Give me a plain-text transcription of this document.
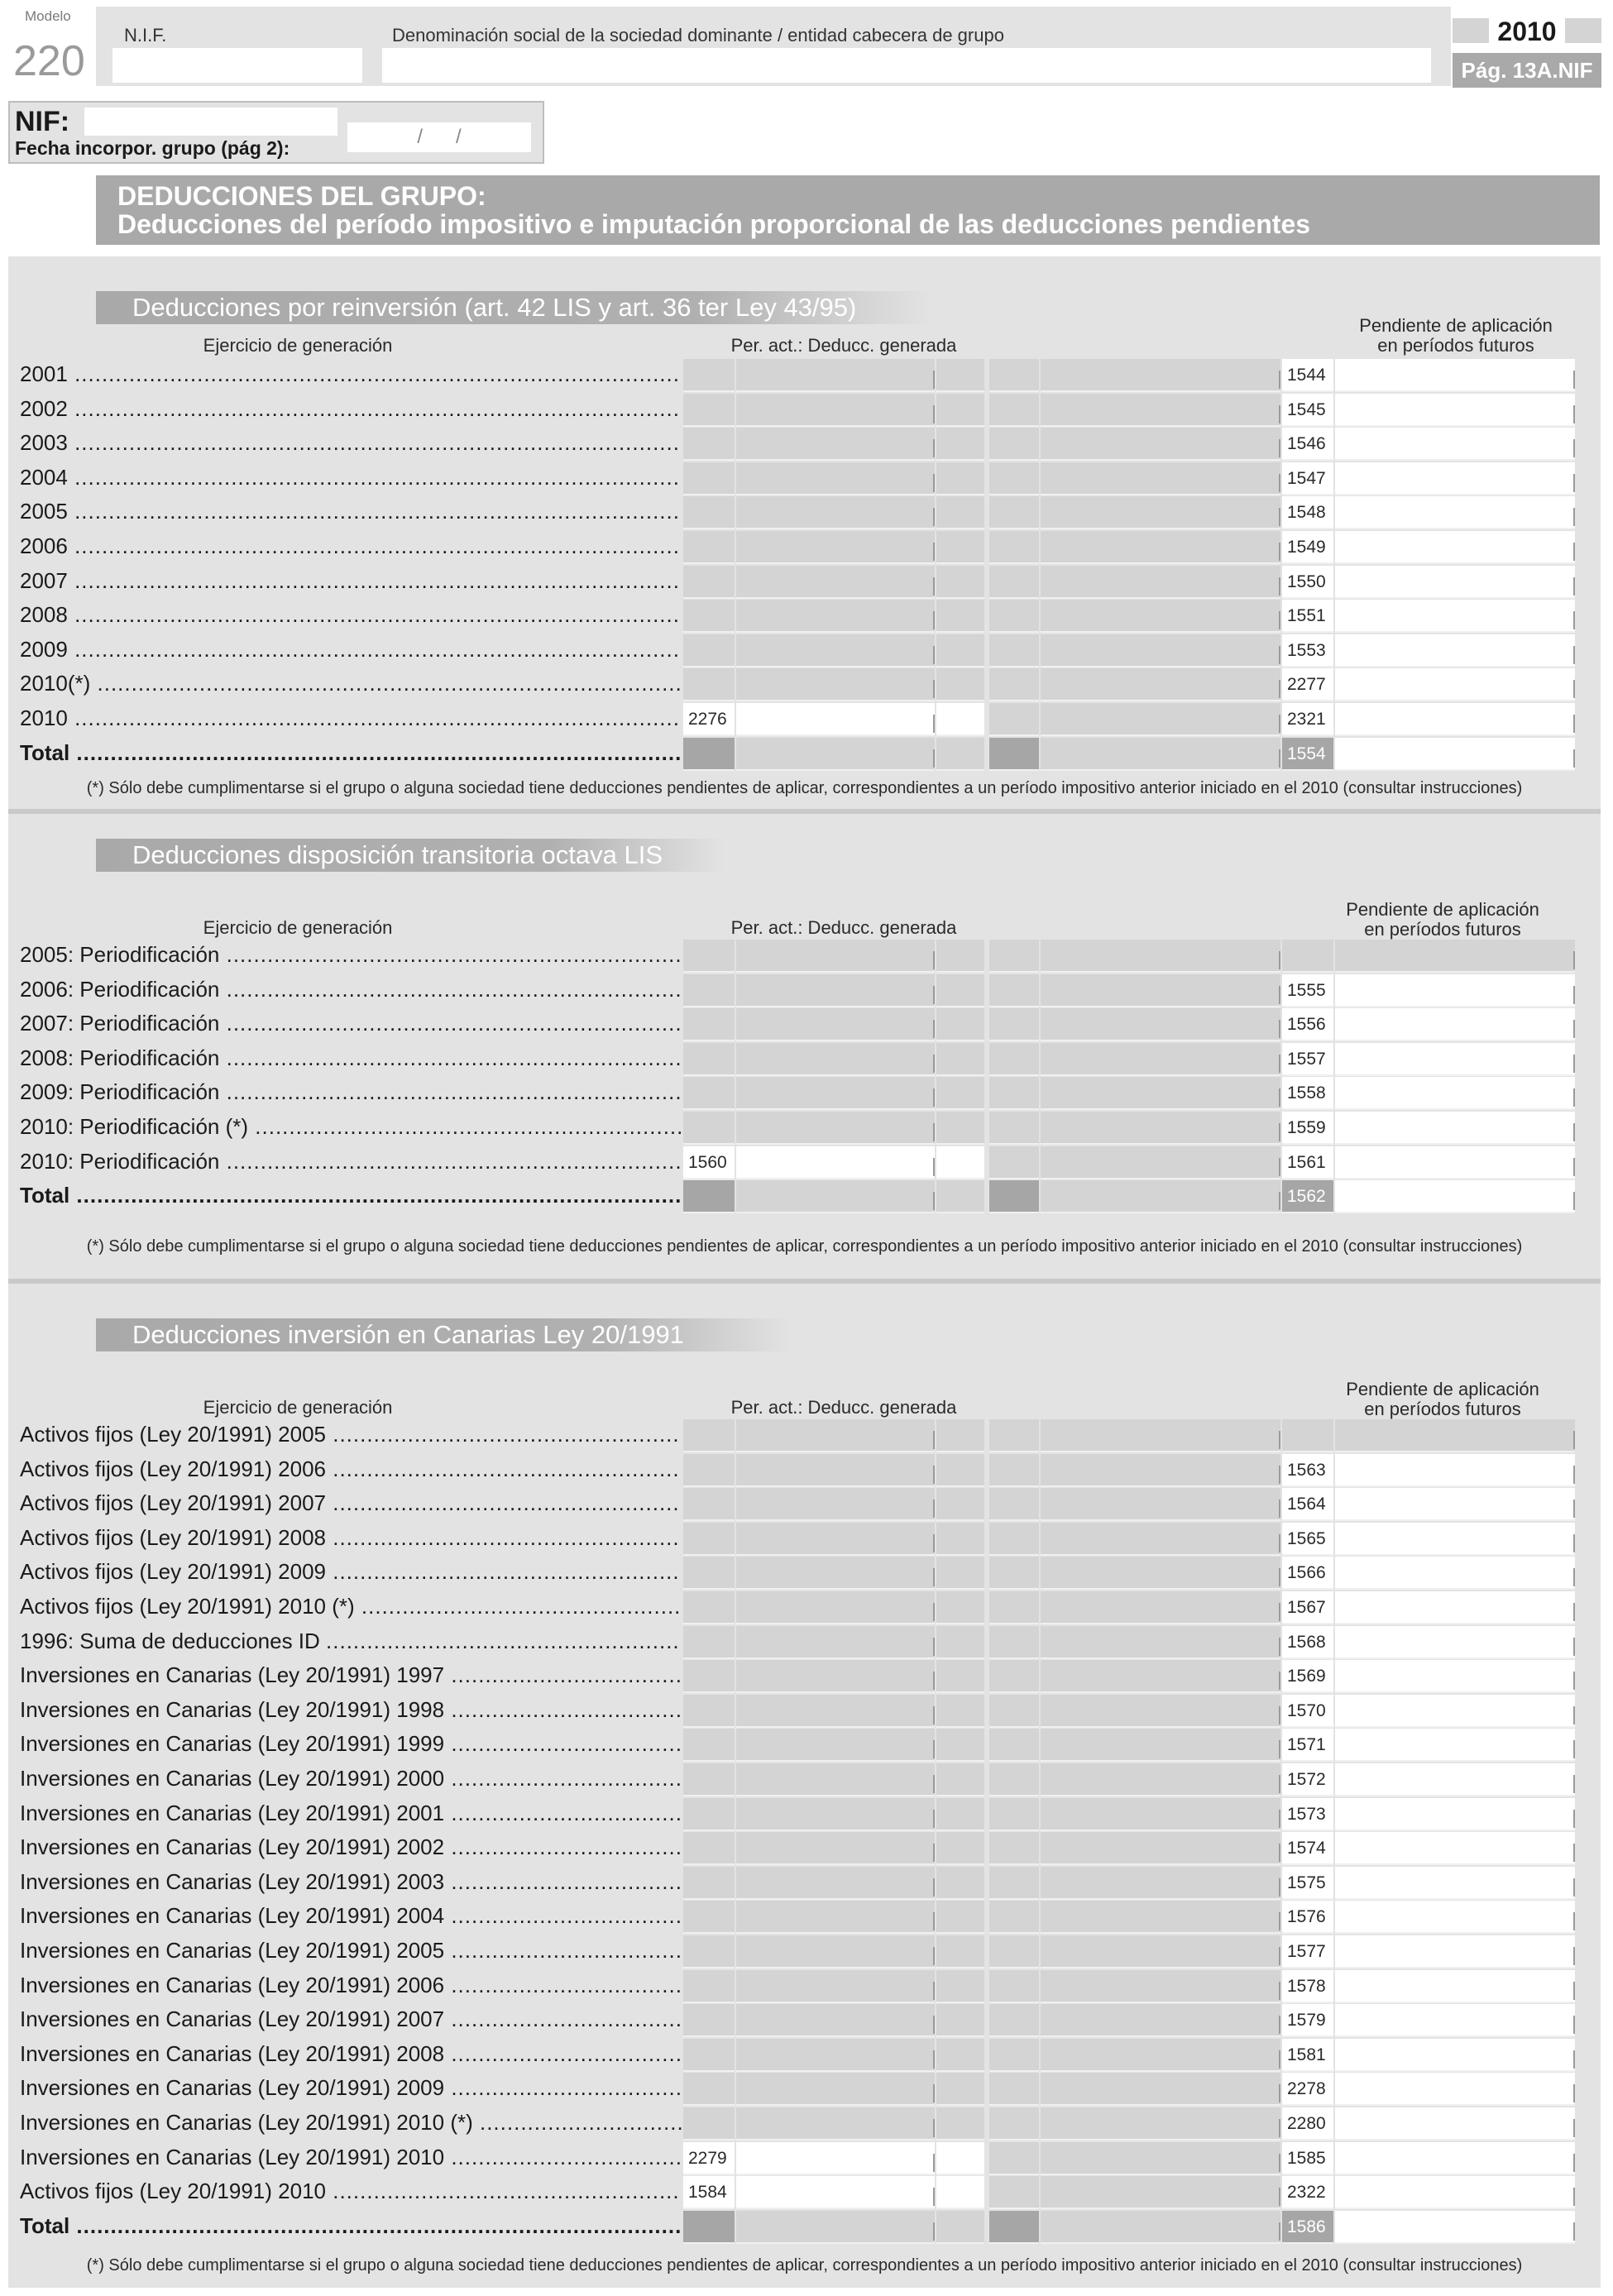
Modelo
220
N.I.F.	Denominación social de la sociedad dominante / entidad cabecera de grupo	2010
Pág. 13A.NIF
NIF:
Fecha incorpor. grupo (pág 2):	/      /
DEDUCCIONES DEL GRUPO:
Deducciones del período impositivo e imputación proporcional de las deducciones pendientes
Deducciones por reinversión (art. 42 LIS y art. 36 ter Ley 43/95)
Ejercicio de generación	Per. act.: Deducc. generada
Pendiente de aplicación
en períodos futuros
2001 .....	1544
2002 .....	1545
2003 .....	1546
2004 .....	1547
2005 .....	1548
2006 .....	1549
2007 .....	1550
2008 .....	1551
2009 .....	1553
2010(*) .....	2277
2010 .....	2276	2321
Total .....	1554
(*) Sólo debe cumplimentarse si el grupo o alguna sociedad tiene deducciones pendientes de aplicar, correspondientes a un período impositivo anterior iniciado en el 2010 (consultar instrucciones)
Deducciones disposición transitoria octava LIS
Ejercicio de generación	Per. act.: Deducc. generada
Pendiente de aplicación
en períodos futuros
2005: Periodificación .....
2006: Periodificación .....	1555
2007: Periodificación .....	1556
2008: Periodificación .....	1557
2009: Periodificación .....	1558
2010: Periodificación (*) .....	1559
2010: Periodificación .....	1560	1561
Total .....	1562
(*) Sólo debe cumplimentarse si el grupo o alguna sociedad tiene deducciones pendientes de aplicar, correspondientes a un período impositivo anterior iniciado en el 2010 (consultar instrucciones)
Deducciones inversión en Canarias Ley 20/1991
Ejercicio de generación	Per. act.: Deducc. generada
Pendiente de aplicación
en períodos futuros
Activos fijos (Ley 20/1991) 2005 .....
Activos fijos (Ley 20/1991) 2006 .....	1563
Activos fijos (Ley 20/1991) 2007 .....	1564
Activos fijos (Ley 20/1991) 2008 .....	1565
Activos fijos (Ley 20/1991) 2009 .....	1566
Activos fijos (Ley 20/1991) 2010 (*) .....	1567
1996: Suma de deducciones ID .....	1568
Inversiones en Canarias (Ley 20/1991) 1997 .....	1569
Inversiones en Canarias (Ley 20/1991) 1998 .....	1570
Inversiones en Canarias (Ley 20/1991) 1999 .....	1571
Inversiones en Canarias (Ley 20/1991) 2000 .....	1572
Inversiones en Canarias (Ley 20/1991) 2001 .....	1573
Inversiones en Canarias (Ley 20/1991) 2002 .....	1574
Inversiones en Canarias (Ley 20/1991) 2003 .....	1575
Inversiones en Canarias (Ley 20/1991) 2004 .....	1576
Inversiones en Canarias (Ley 20/1991) 2005 .....	1577
Inversiones en Canarias (Ley 20/1991) 2006 .....	1578
Inversiones en Canarias (Ley 20/1991) 2007 .....	1579
Inversiones en Canarias (Ley 20/1991) 2008 .....	1581
Inversiones en Canarias (Ley 20/1991) 2009 .....	2278
Inversiones en Canarias (Ley 20/1991) 2010 (*) .....	2280
Inversiones en Canarias (Ley 20/1991) 2010 .....	2279	1585
Activos fijos (Ley 20/1991) 2010 .....	1584	2322
Total .....	1586
(*) Sólo debe cumplimentarse si el grupo o alguna sociedad tiene deducciones pendientes de aplicar, correspondientes a un período impositivo anterior iniciado en el 2010 (consultar instrucciones)
